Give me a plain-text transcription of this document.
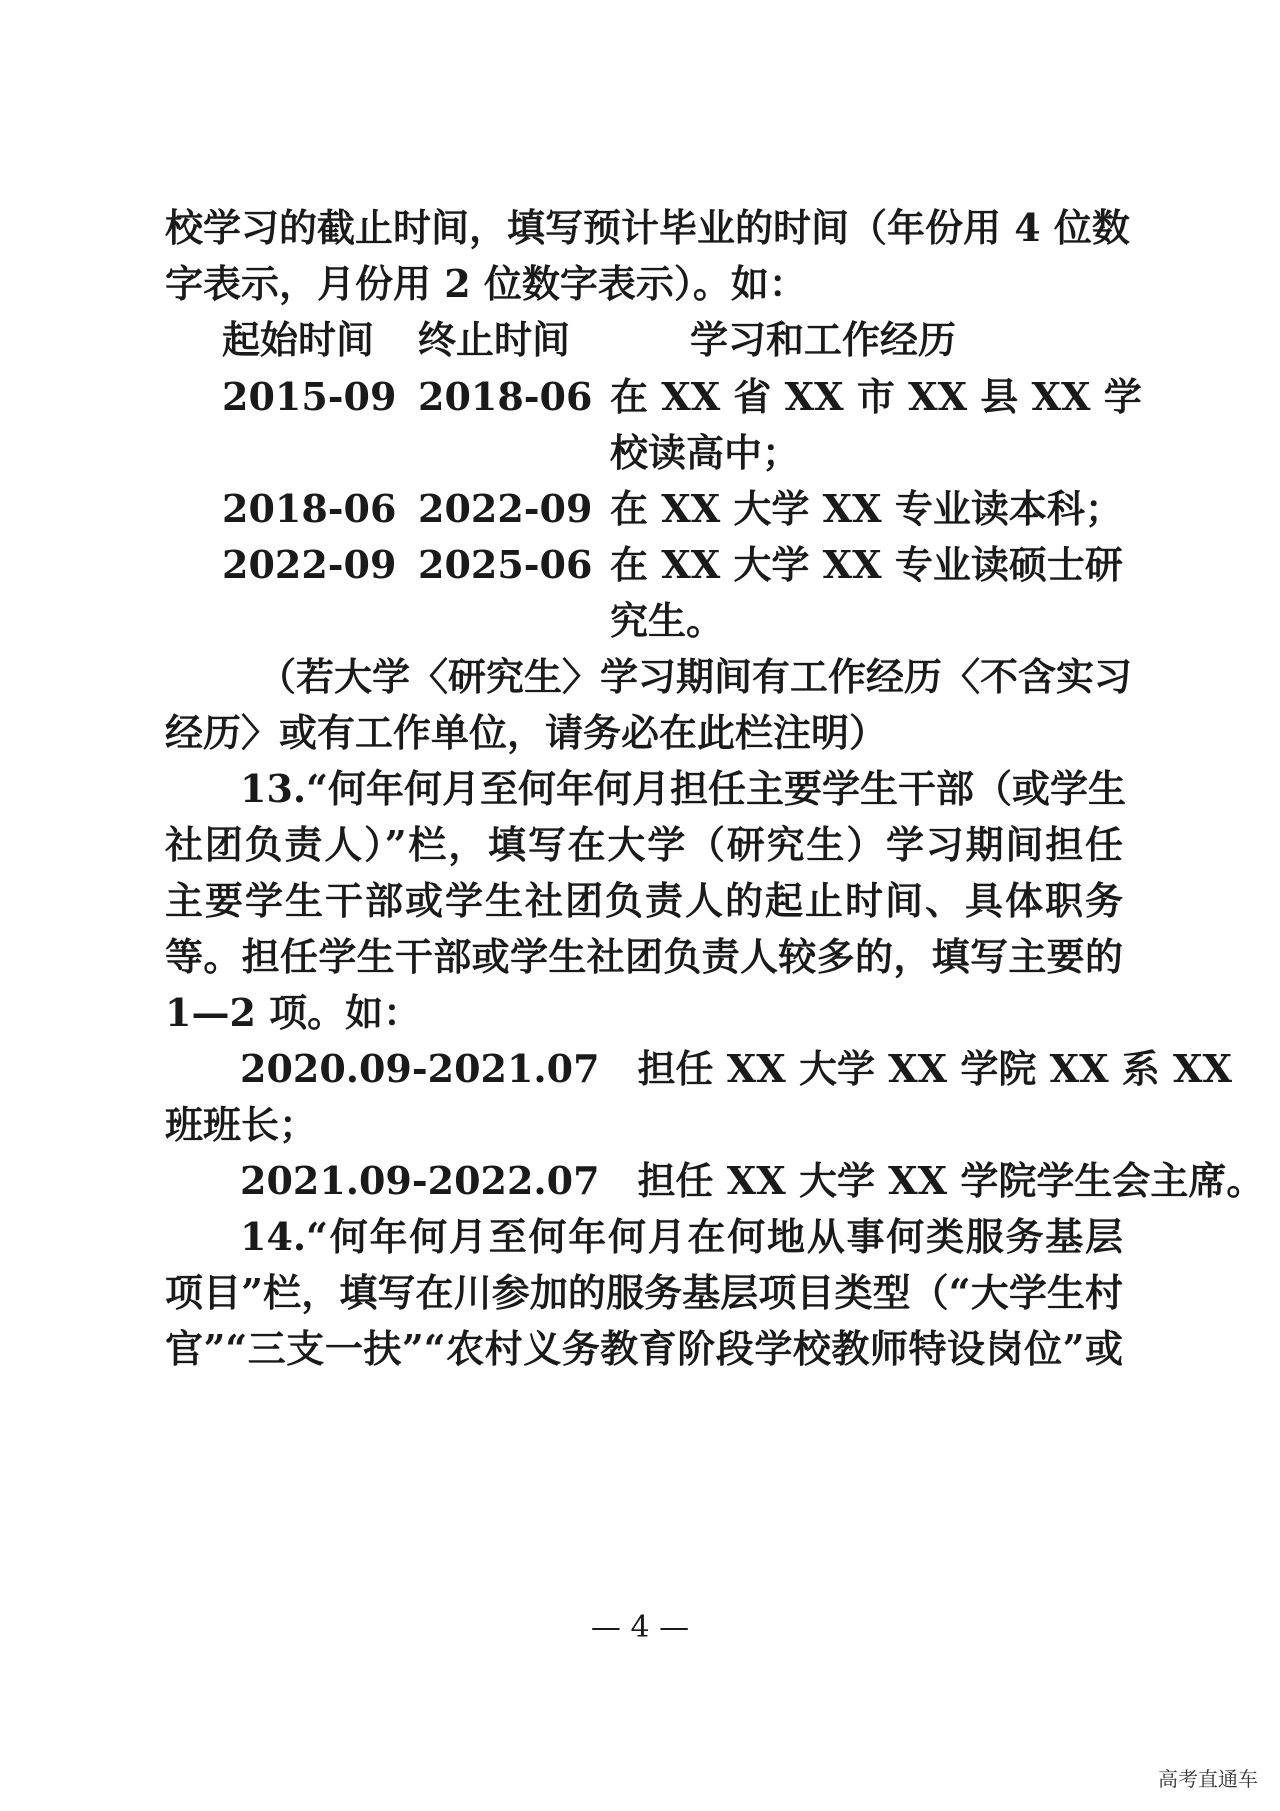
校学习的截止时间，填写预计毕业的时间（年份用 4 位数
字表示，月份用 2 位数字表示）。如：
起始时间 终止时间	学习和工作经历
2015-09 2018-06 在 XX 省 XX 市 XX 县 XX 学
校读高中；
2018-06 2022-09 在 XX 大学 XX 专业读本科；
2022-09 2025-06 在 XX 大学 XX 专业读硕士研
究生。
（若大学〈研究生〉学习期间有工作经历〈不含实习
经历〉或有工作单位，请务必在此栏注明）
13.“何年何月至何年何月担任主要学生干部（或学生
社团负责人）”栏，填写在大学（研究生）学习期间担任
主要学生干部或学生社团负责人的起止时间、具体职务
等。担任学生干部或学生社团负责人较多的，填写主要的
1—2 项。如：
2020.09-2021.07　担任 XX 大学 XX 学院 XX 系 XX
班班长；
2021.09-2022.07　担任 XX 大学 XX 学院学生会主席。
14.“何年何月至何年何月在何地从事何类服务基层
项目”栏，填写在川参加的服务基层项目类型（“大学生村
官”“三支一扶”“农村义务教育阶段学校教师特设岗位”或
— 4 —
高考直通车
